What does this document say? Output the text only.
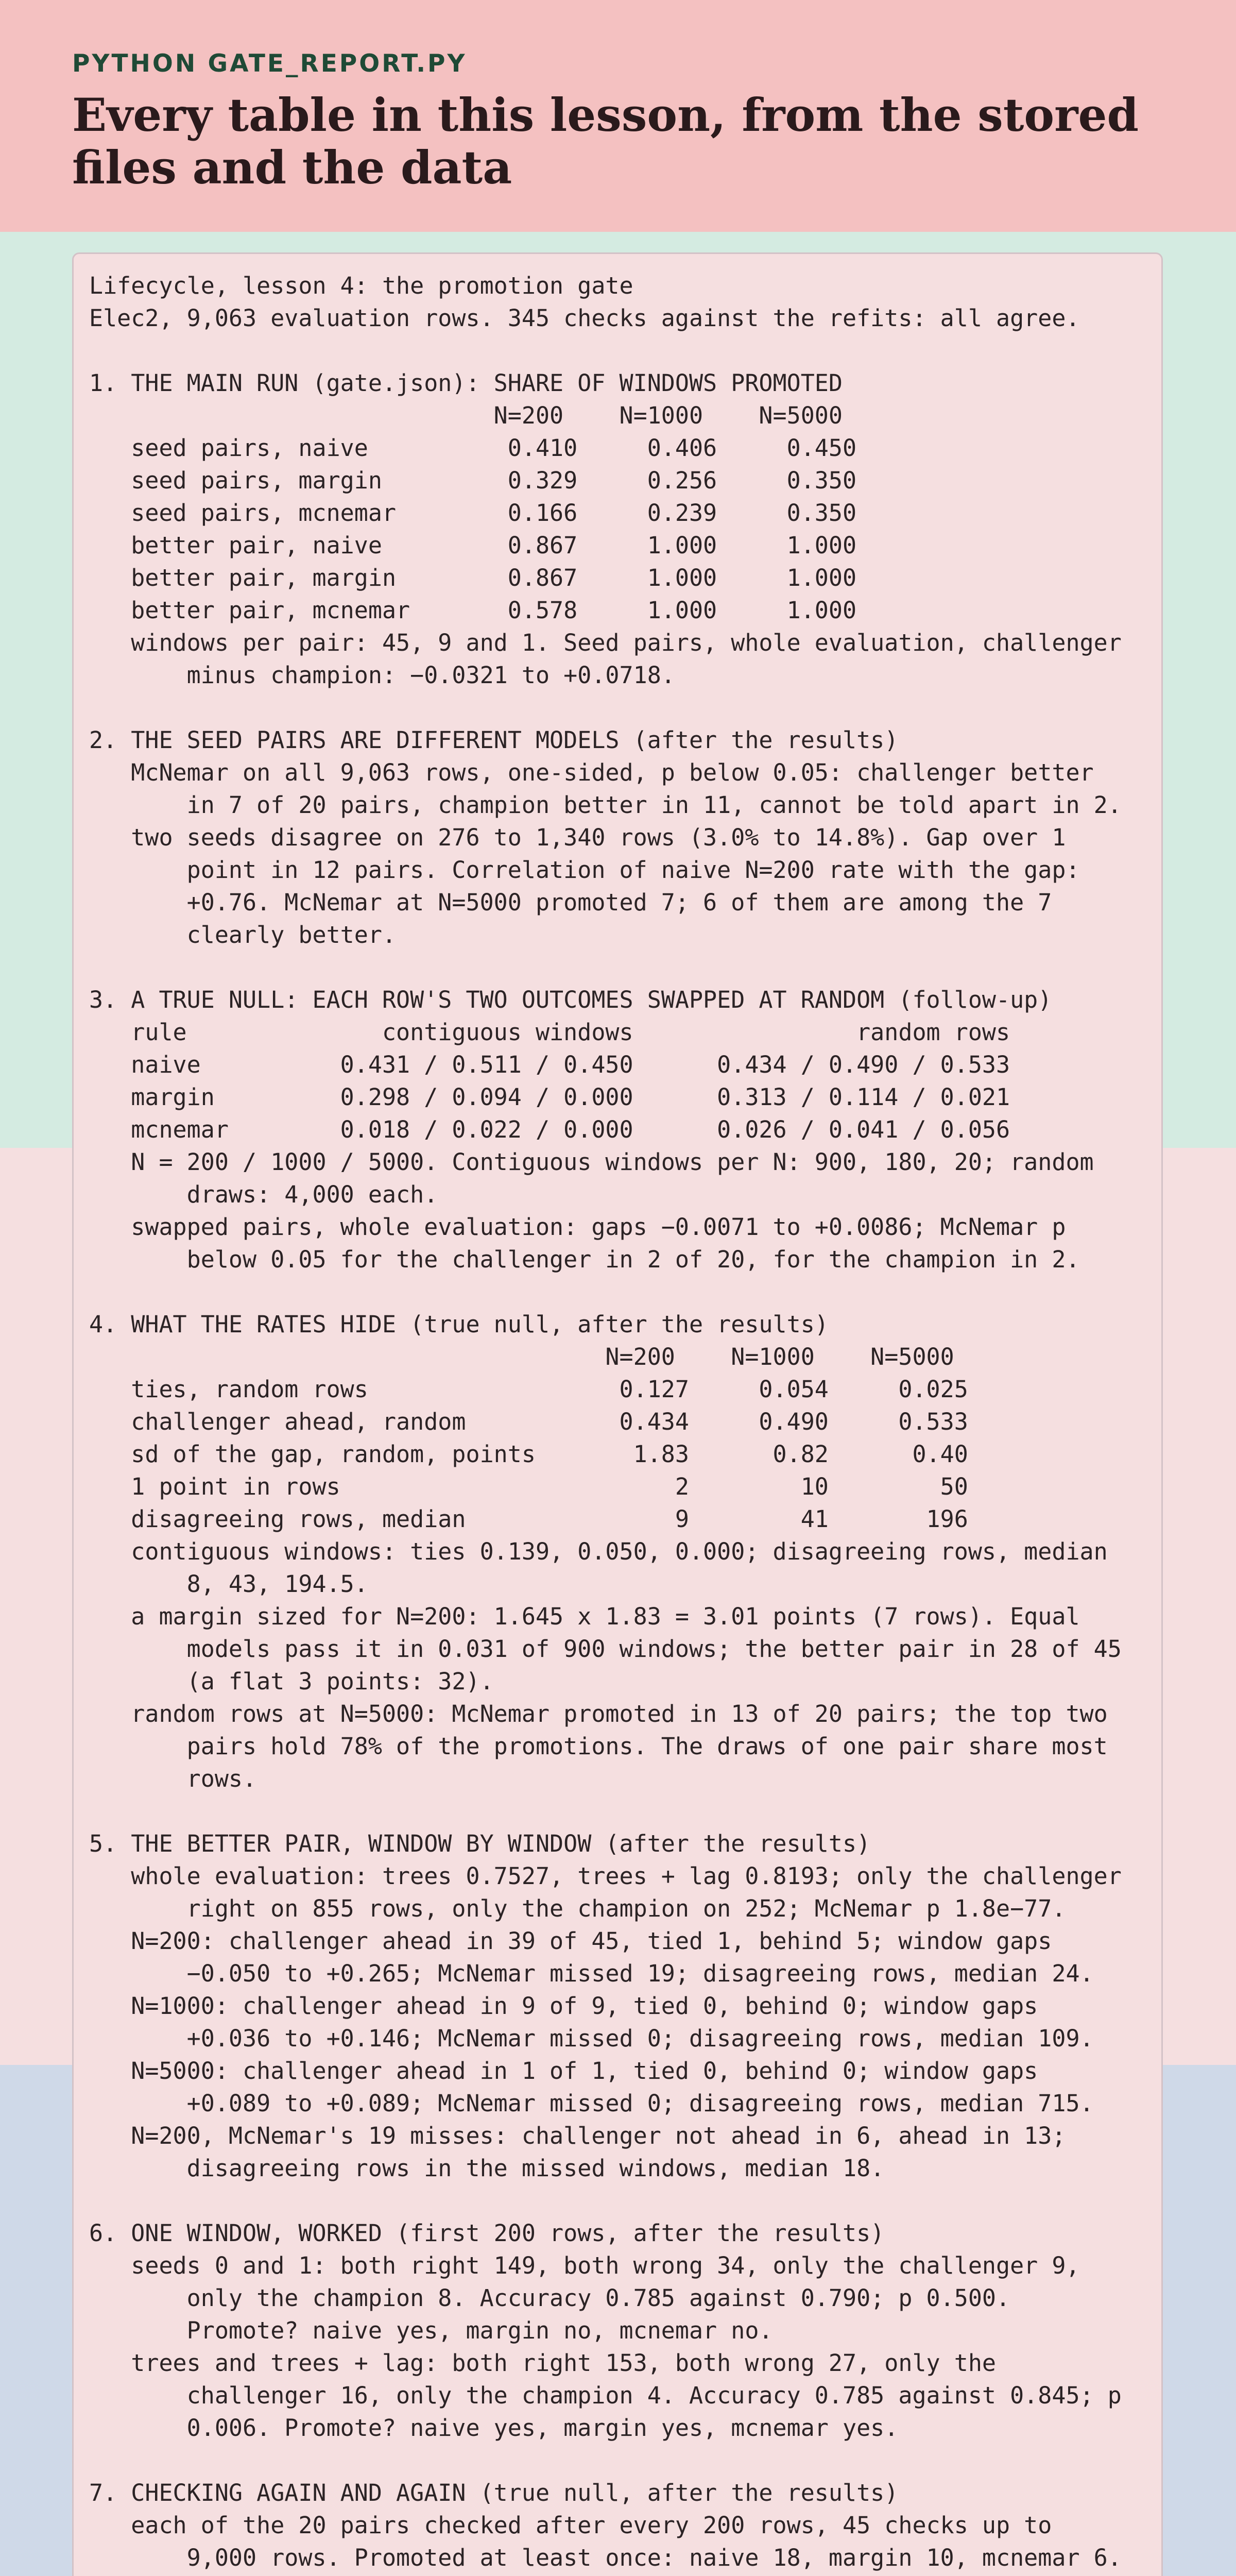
PYTHON GATE_REPORT.PY
Every table in this lesson, from the stored files and the data
Lifecycle, lesson 4: the promotion gate
Elec2, 9,063 evaluation rows. 345 checks against the refits: all agree.

1. THE MAIN RUN (gate.json): SHARE OF WINDOWS PROMOTED
N=200    N=1000    N=5000
seed pairs, naive          0.410     0.406     0.450
seed pairs, margin         0.329     0.256     0.350
seed pairs, mcnemar        0.166     0.239     0.350
better pair, naive         0.867     1.000     1.000
better pair, margin        0.867     1.000     1.000
better pair, mcnemar       0.578     1.000     1.000
windows per pair: 45, 9 and 1. Seed pairs, whole evaluation, challenger
minus champion: −0.0321 to +0.0718.

2. THE SEED PAIRS ARE DIFFERENT MODELS (after the results)
McNemar on all 9,063 rows, one-sided, p below 0.05: challenger better
in 7 of 20 pairs, champion better in 11, cannot be told apart in 2.
two seeds disagree on 276 to 1,340 rows (3.0% to 14.8%). Gap over 1
point in 12 pairs. Correlation of naive N=200 rate with the gap:
+0.76. McNemar at N=5000 promoted 7; 6 of them are among the 7
clearly better.

3. A TRUE NULL: EACH ROW'S TWO OUTCOMES SWAPPED AT RANDOM (follow-up)
rule              contiguous windows                random rows
naive          0.431 / 0.511 / 0.450      0.434 / 0.490 / 0.533
margin         0.298 / 0.094 / 0.000      0.313 / 0.114 / 0.021
mcnemar        0.018 / 0.022 / 0.000      0.026 / 0.041 / 0.056
N = 200 / 1000 / 5000. Contiguous windows per N: 900, 180, 20; random
draws: 4,000 each.
swapped pairs, whole evaluation: gaps −0.0071 to +0.0086; McNemar p
below 0.05 for the challenger in 2 of 20, for the champion in 2.

4. WHAT THE RATES HIDE (true null, after the results)
N=200    N=1000    N=5000
ties, random rows                  0.127     0.054     0.025
challenger ahead, random           0.434     0.490     0.533
sd of the gap, random, points       1.83      0.82      0.40
1 point in rows                        2        10        50
disagreeing rows, median               9        41       196
contiguous windows: ties 0.139, 0.050, 0.000; disagreeing rows, median
8, 43, 194.5.
a margin sized for N=200: 1.645 x 1.83 = 3.01 points (7 rows). Equal
models pass it in 0.031 of 900 windows; the better pair in 28 of 45
(a flat 3 points: 32).
random rows at N=5000: McNemar promoted in 13 of 20 pairs; the top two
pairs hold 78% of the promotions. The draws of one pair share most
rows.

5. THE BETTER PAIR, WINDOW BY WINDOW (after the results)
whole evaluation: trees 0.7527, trees + lag 0.8193; only the challenger
right on 855 rows, only the champion on 252; McNemar p 1.8e−77.
N=200: challenger ahead in 39 of 45, tied 1, behind 5; window gaps
−0.050 to +0.265; McNemar missed 19; disagreeing rows, median 24.
N=1000: challenger ahead in 9 of 9, tied 0, behind 0; window gaps
+0.036 to +0.146; McNemar missed 0; disagreeing rows, median 109.
N=5000: challenger ahead in 1 of 1, tied 0, behind 0; window gaps
+0.089 to +0.089; McNemar missed 0; disagreeing rows, median 715.
N=200, McNemar's 19 misses: challenger not ahead in 6, ahead in 13;
disagreeing rows in the missed windows, median 18.

6. ONE WINDOW, WORKED (first 200 rows, after the results)
seeds 0 and 1: both right 149, both wrong 34, only the challenger 9,
only the champion 8. Accuracy 0.785 against 0.790; p 0.500.
Promote? naive yes, margin no, mcnemar no.
trees and trees + lag: both right 153, both wrong 27, only the
challenger 16, only the champion 4. Accuracy 0.785 against 0.845; p
0.006. Promote? naive yes, margin yes, mcnemar yes.

7. CHECKING AGAIN AND AGAIN (true null, after the results)
each of the 20 pairs checked after every 200 rows, 45 checks up to
9,000 rows. Promoted at least once: naive 18, margin 10, mcnemar 6.
